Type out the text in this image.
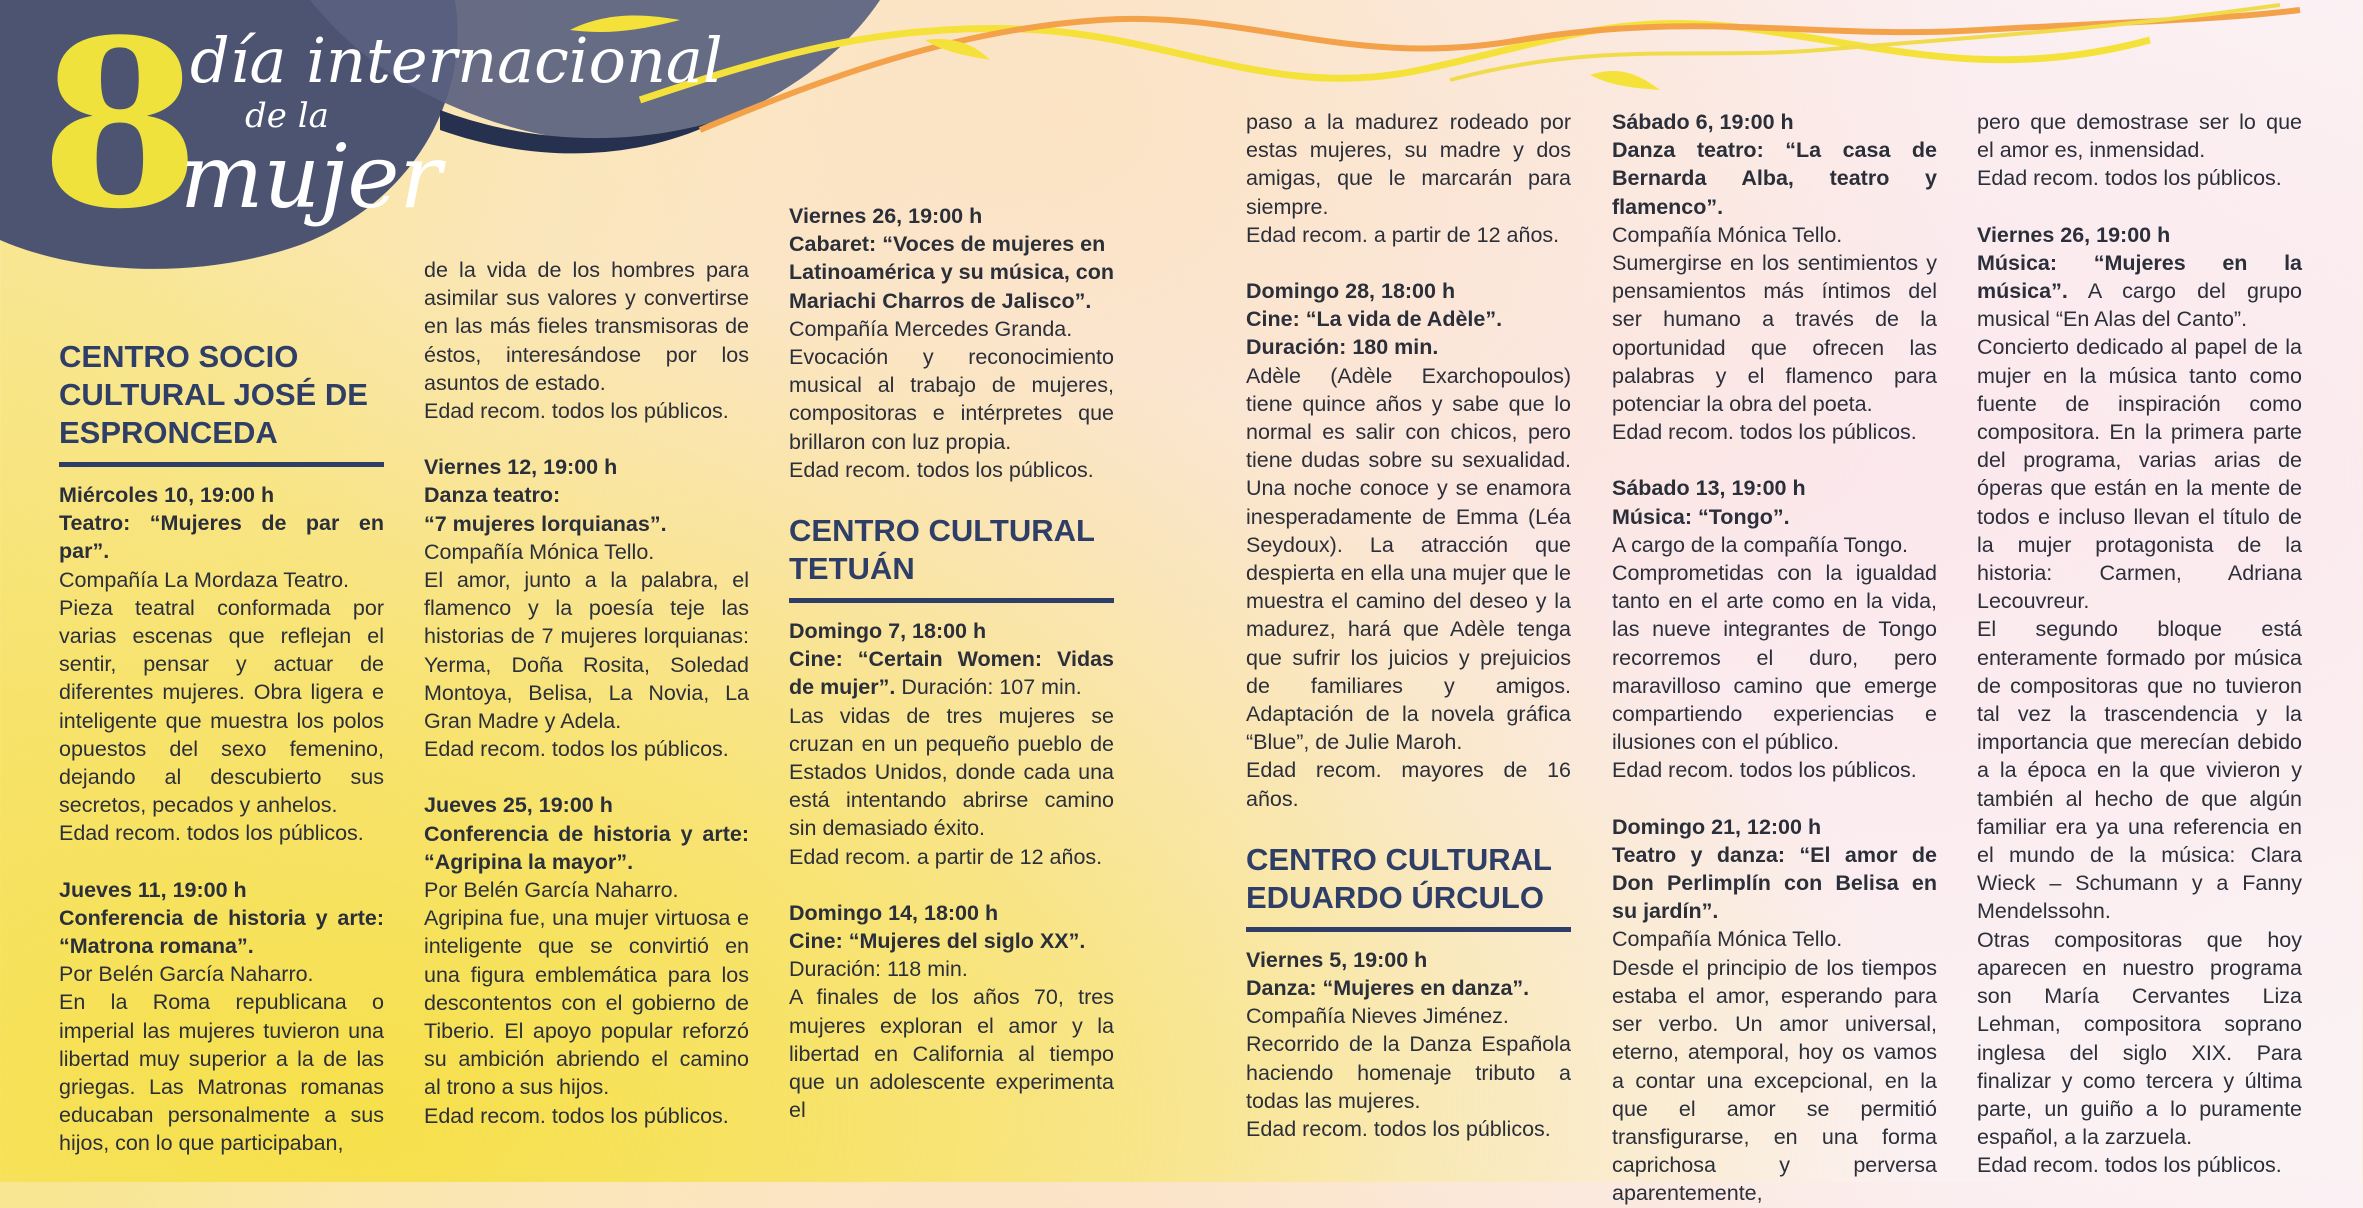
8
día internacional
de la
mujer
CENTRO SOCIO CULTURAL JOSÉ DE ESPRONCEDA

Miércoles 10, 19:00 h

Teatro: “Mujeres de par en par”.

Compañía La Mordaza Teatro.

Pieza teatral conformada por varias escenas que reflejan el sentir, pensar y actuar de diferentes mujeres. Obra ligera e inteligente que muestra los polos opuestos del sexo femenino, dejando al descubierto sus secretos, pecados y anhelos.

Edad recom. todos los públicos.

Jueves 11, 19:00 h

Conferencia de historia y arte: “Matrona romana”.

Por Belén García Naharro.

En la Roma republicana o imperial las mujeres tuvieron una libertad muy superior a la de las griegas. Las Matronas romanas educaban personalmente a sus hijos, con lo que participaban,

de la vida de los hombres para asimilar sus valores y convertirse en las más fieles transmisoras de éstos, interesándose por los asuntos de estado.

Edad recom. todos los públicos.

Viernes 12, 19:00 h

Danza teatro:

“7 mujeres lorquianas”.

Compañía Mónica Tello.

El amor, junto a la palabra, el flamenco y la poesía teje las historias de 7 mujeres lorquianas: Yerma, Doña Rosita, Soledad Montoya, Belisa, La Novia, La Gran Madre y Adela.

Edad recom. todos los públicos.

Jueves 25, 19:00 h

Conferencia de historia y arte: “Agripina la mayor”.

Por Belén García Naharro.

Agripina fue, una mujer virtuosa e inteligente que se convirtió en una figura emblemática para los descontentos con el gobierno de Tiberio. El apoyo popular reforzó su ambición abriendo el camino al trono a sus hijos.

Edad recom. todos los públicos.

Viernes 26, 19:00 h

Cabaret: “Voces de mujeres en Latinoamérica y su música, con Mariachi Charros de Jalisco”.

Compañía Mercedes Granda.

Evocación y reconocimiento musical al trabajo de mujeres, compositoras e intérpretes que brillaron con luz propia.

Edad recom. todos los públicos.

CENTRO CULTURAL TETUÁN

Domingo 7, 18:00 h

Cine: “Certain Women: Vidas de mujer”. Duración: 107 min.

Las vidas de tres mujeres se cruzan en un pequeño pueblo de Estados Unidos, donde cada una está intentando abrirse camino sin demasiado éxito.

Edad recom. a partir de 12 años.

Domingo 14, 18:00 h

Cine: “Mujeres del siglo XX”.

Duración: 118 min.

A finales de los años 70, tres mujeres exploran el amor y la libertad en California al tiempo que un adolescente experimenta el

paso a la madurez rodeado por estas mujeres, su madre y dos amigas, que le marcarán para siempre.

Edad recom. a partir de 12 años.

Domingo 28, 18:00 h

Cine: “La vida de Adèle”.

Duración: 180 min.

Adèle (Adèle Exarchopoulos) tiene quince años y sabe que lo normal es salir con chicos, pero tiene dudas sobre su sexualidad. Una noche conoce y se enamora inesperadamente de Emma (Léa Seydoux). La atracción que despierta en ella una mujer que le muestra el camino del deseo y la madurez, hará que Adèle tenga que sufrir los juicios y prejuicios de familiares y amigos. Adaptación de la novela gráfica “Blue”, de Julie Maroh.

Edad recom. mayores de 16 años.

CENTRO CULTURAL EDUARDO ÚRCULO

Viernes 5, 19:00 h

Danza: “Mujeres en danza”.

Compañía Nieves Jiménez.

Recorrido de la Danza Española haciendo homenaje tributo a todas las mujeres.

Edad recom. todos los públicos.

Sábado 6, 19:00 h

Danza teatro: “La casa de Bernarda Alba, teatro y flamenco”.

Compañía Mónica Tello.

Sumergirse en los sentimientos y pensamientos más íntimos del ser humano a través de la oportunidad que ofrecen las palabras y el flamenco para potenciar la obra del poeta.

Edad recom. todos los públicos.

Sábado 13, 19:00 h

Música: “Tongo”.

A cargo de la compañía Tongo.

Comprometidas con la igualdad tanto en el arte como en la vida, las nueve integrantes de Tongo recorremos el duro, pero maravilloso camino que emerge compartiendo experiencias e ilusiones con el público.

Edad recom. todos los públicos.

Domingo 21, 12:00 h

Teatro y danza: “El amor de Don Perlimplín con Belisa en su jardín”.

Compañía Mónica Tello.

Desde el principio de los tiempos estaba el amor, esperando para ser verbo. Un amor universal, eterno, atemporal, hoy os vamos a contar una excepcional, en la que el amor se permitió transfigurarse, en una forma caprichosa y perversa aparentemente,

pero que demostrase ser lo que el amor es, inmensidad.

Edad recom. todos los públicos.

Viernes 26, 19:00 h

Música: “Mujeres en la música”. A cargo del grupo musical “En Alas del Canto”.

Concierto dedicado al papel de la mujer en la música tanto como fuente de inspiración como compositora. En la primera parte del programa, varias arias de óperas que están en la mente de todos e incluso llevan el título de la mujer protagonista de la historia: Carmen, Adriana Lecouvreur.

El segundo bloque está enteramente formado por música de compositoras que no tuvieron tal vez la trascendencia y la importancia que merecían debido a la época en la que vivieron y también al hecho de que algún familiar era ya una referencia en el mundo de la música: Clara Wieck – Schumann y a Fanny Mendelssohn.

Otras compositoras que hoy aparecen en nuestro programa son María Cervantes Liza Lehman, compositora soprano inglesa del siglo XIX. Para finalizar y como tercera y última parte, un guiño a lo puramente español, a la zarzuela.

Edad recom. todos los públicos.
